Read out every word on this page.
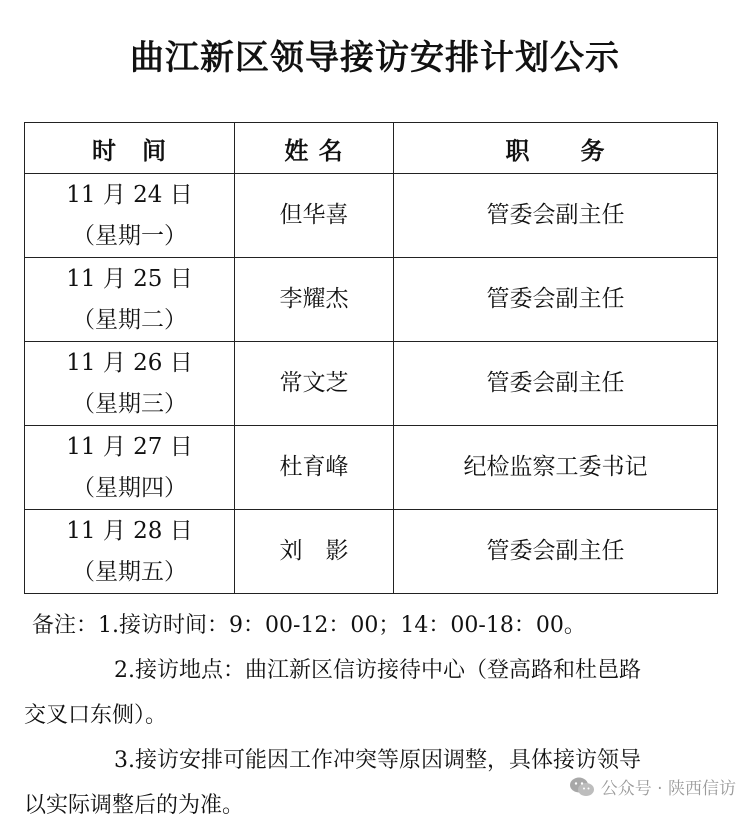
曲江新区领导接访安排计划公示
时　间	姓 名	职　　务

11 月 24 日
（星期一）	但华喜	管委会副主任

11 月 25 日
（星期二）	李耀杰	管委会副主任

11 月 26 日
（星期三）	常文芝	管委会副主任

11 月 27 日
（星期四）	杜育峰	纪检监察工委书记

11 月 28 日
（星期五）	刘　影	管委会副主任

备注：1.接访时间：9：00-12：00；14：00-18：00。

2.接访地点：曲江新区信访接待中心（登高路和杜邑路

交叉口东侧）。

3.接访安排可能因工作冲突等原因调整，具体接访领导

以实际调整后的为准。

公众号 · 陕西信访
